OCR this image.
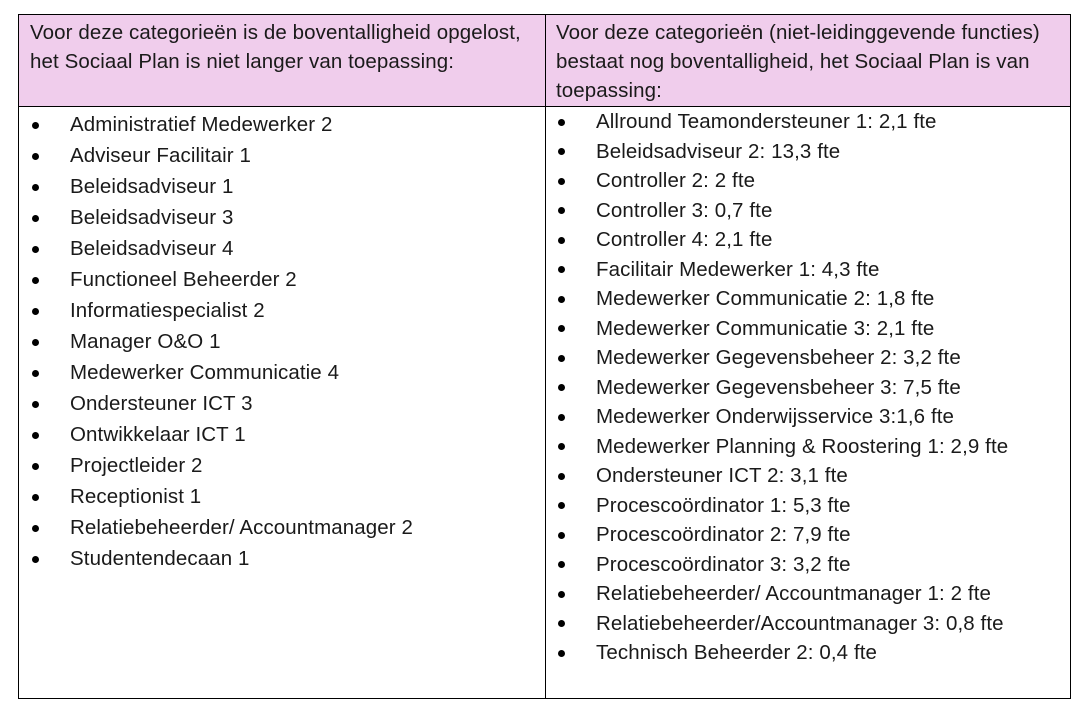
Voor deze categorieën is de boventalligheid opgelost, het Sociaal Plan is niet langer van toepassing:
Voor deze categorieën (niet-leidinggevende functies) bestaat nog boventalligheid, het Sociaal Plan is van toepassing:
Administratief Medewerker 2
Adviseur Facilitair 1
Beleidsadviseur 1
Beleidsadviseur 3
Beleidsadviseur 4
Functioneel Beheerder 2
Informatiespecialist 2
Manager O&O 1
Medewerker Communicatie 4
Ondersteuner ICT 3
Ontwikkelaar ICT 1
Projectleider 2
Receptionist 1
Relatiebeheerder/ Accountmanager 2
Studentendecaan 1
Allround Teamondersteuner 1: 2,1 fte
Beleidsadviseur 2: 13,3 fte
Controller 2: 2 fte
Controller 3: 0,7 fte
Controller 4: 2,1 fte
Facilitair Medewerker 1: 4,3 fte
Medewerker Communicatie 2: 1,8 fte
Medewerker Communicatie 3: 2,1 fte
Medewerker Gegevensbeheer 2: 3,2 fte
Medewerker Gegevensbeheer 3: 7,5 fte
Medewerker Onderwijsservice 3:1,6 fte
Medewerker Planning & Roostering 1: 2,9 fte
Ondersteuner ICT 2: 3,1 fte
Procescoördinator 1: 5,3 fte
Procescoördinator 2: 7,9 fte
Procescoördinator 3: 3,2 fte
Relatiebeheerder/ Accountmanager 1: 2 fte
Relatiebeheerder/Accountmanager 3: 0,8 fte
Technisch Beheerder 2: 0,4 fte
